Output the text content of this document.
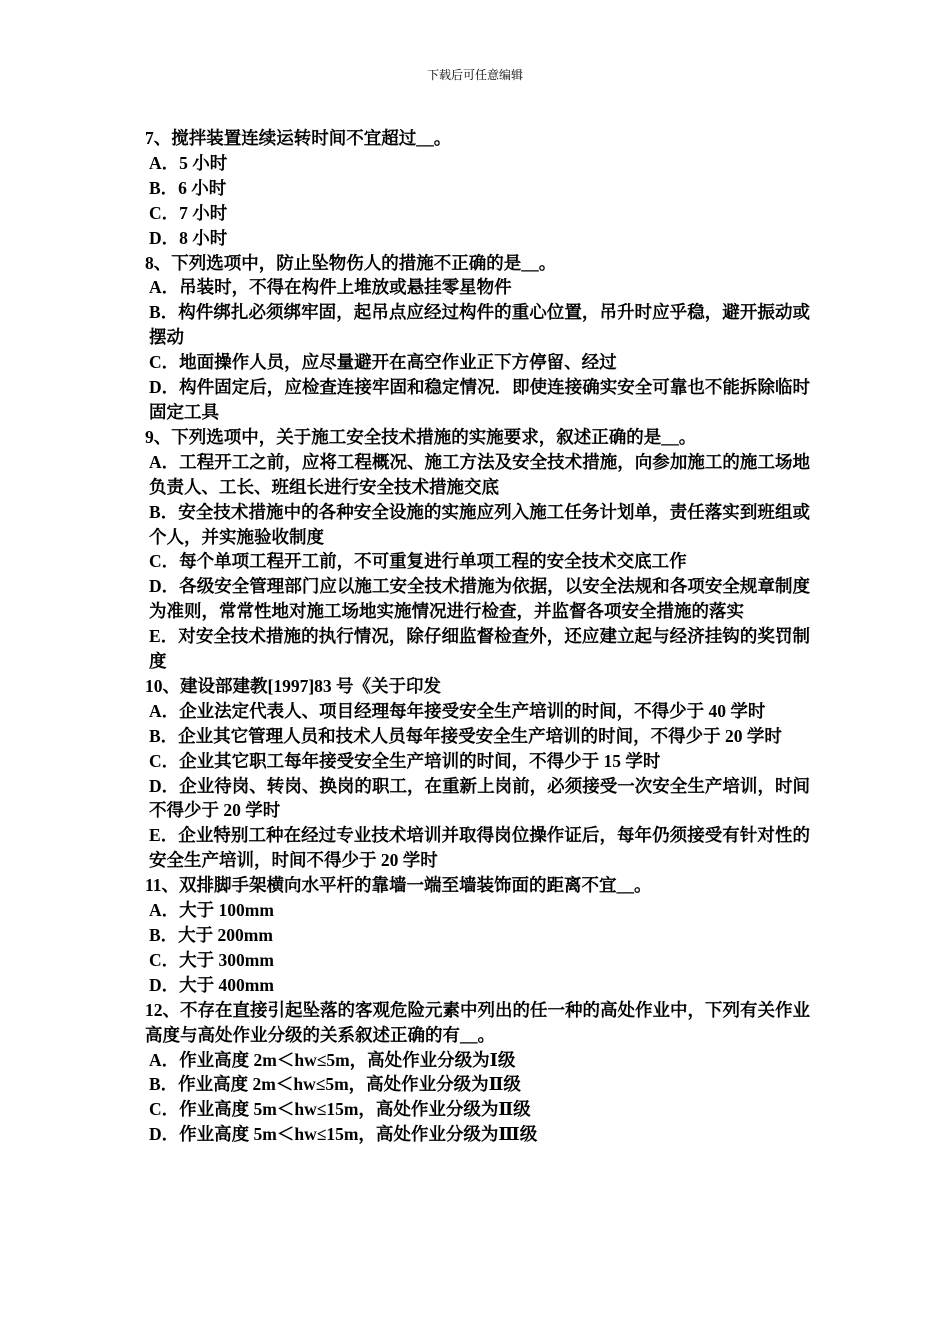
下载后可任意编辑

7、搅拌装置连续运转时间不宜超过__。

A．5 小时

B．6 小时

C．7 小时

D．8 小时

8、下列选项中，防止坠物伤人的措施不正确的是__。

A．吊装时，不得在构件上堆放或悬挂零星物件

B．构件绑扎必须绑牢固，起吊点应经过构件的重心位置，吊升时应乎稳，避开振动或摆动

C．地面操作人员，应尽量避开在高空作业正下方停留、经过

D．构件固定后，应检查连接牢固和稳定情况．即使连接确实安全可靠也不能拆除临时固定工具

9、下列选项中，关于施工安全技术措施的实施要求，叙述正确的是__。

A．工程开工之前，应将工程概况、施工方法及安全技术措施，向参加施工的施工场地负责人、工长、班组长进行安全技术措施交底

B．安全技术措施中的各种安全设施的实施应列入施工任务计划单，责任落实到班组或个人，并实施验收制度

C．每个单项工程开工前，不可重复进行单项工程的安全技术交底工作

D．各级安全管理部门应以施工安全技术措施为依据，以安全法规和各项安全规章制度为准则，常常性地对施工场地实施情况进行检查，并监督各项安全措施的落实

E．对安全技术措施的执行情况，除仔细监督检查外，还应建立起与经济挂钩的奖罚制度

10、建设部建教[1997]83 号《关于印发

A．企业法定代表人、项目经理每年接受安全生产培训的时间，不得少于 40 学时

B．企业其它管理人员和技术人员每年接受安全生产培训的时间，不得少于 20 学时

C．企业其它职工每年接受安全生产培训的时间，不得少于 15 学时

D．企业待岗、转岗、换岗的职工，在重新上岗前，必须接受一次安全生产培训，时间不得少于 20 学时

E．企业特别工种在经过专业技术培训并取得岗位操作证后，每年仍须接受有针对性的安全生产培训，时间不得少于 20 学时

11、双排脚手架横向水平杆的靠墙一端至墙装饰面的距离不宜__。

A．大于 100mm

B．大于 200mm

C．大于 300mm

D．大于 400mm

12、不存在直接引起坠落的客观危险元素中列出的任一种的高处作业中，下列有关作业高度与高处作业分级的关系叙述正确的有__。

A．作业高度 2m＜hw≤5m，高处作业分级为Ⅰ级

B．作业高度 2m＜hw≤5m，高处作业分级为Ⅱ级

C．作业高度 5m＜hw≤15m，高处作业分级为Ⅱ级

D．作业高度 5m＜hw≤15m，高处作业分级为Ⅲ级
